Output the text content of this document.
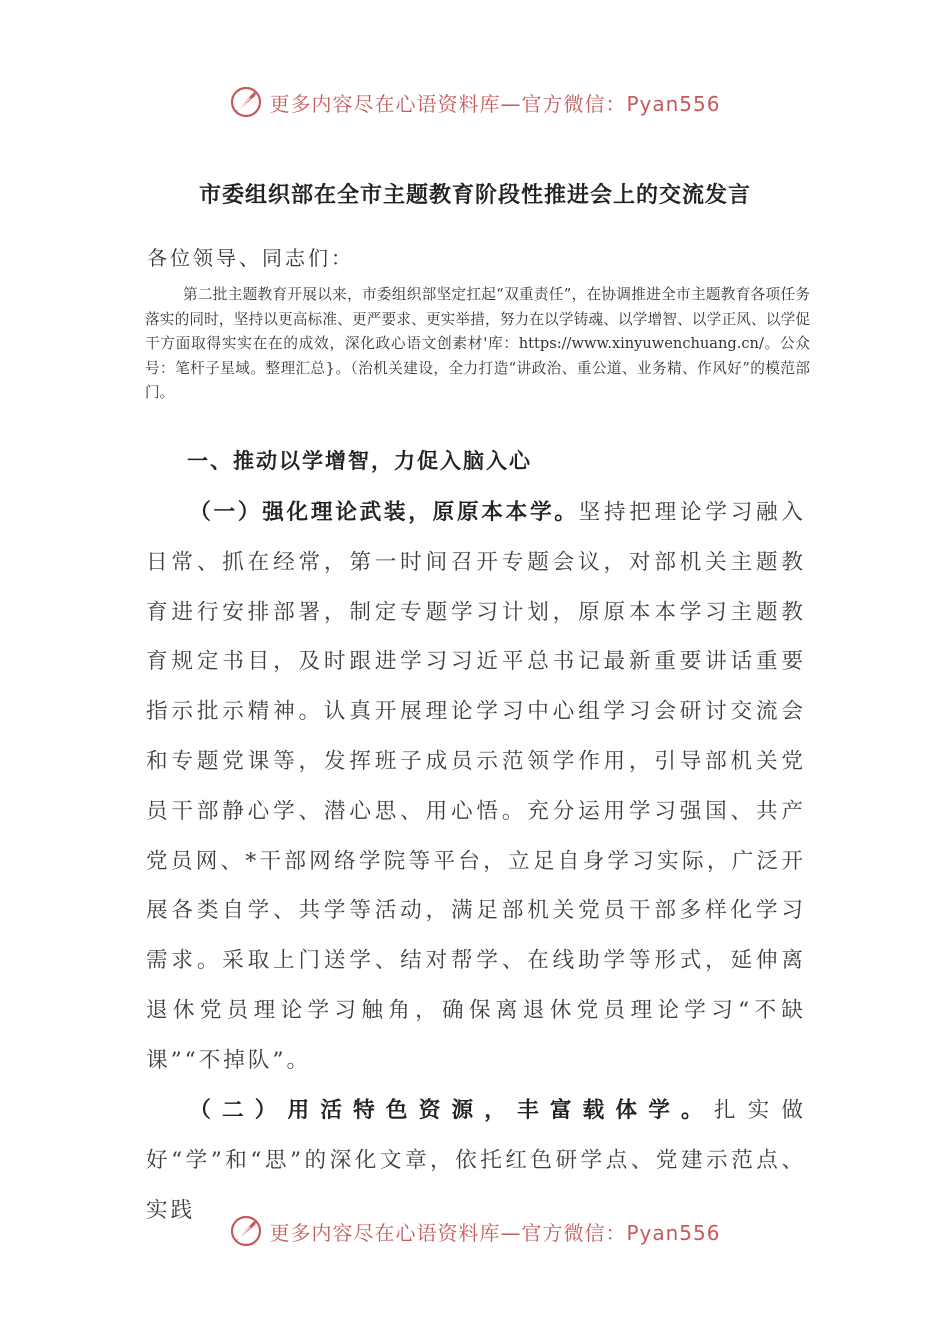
更多内容尽在心语资料库—官方微信：Pyan556
市委组织部在全市主题教育阶段性推进会上的交流发言

各位领导、同志们：

第二批主题教育开展以来，市委组织部坚定扛起“双重责任”，在协调推进全市主题教育各项任务落实的同时，坚持以更高标准、更严要求、更实举措，努力在以学铸魂、以学增智、以学正风、以学促干方面取得实实在在的成效，深化政心语文创素材'库：https://www.xinyuwenchuang.cn/。公众号：笔杆子星域。整理汇总}。（治机关建设，全力打造“讲政治、重公道、业务精、作风好”的模范部门。

一、推动以学增智，力促入脑入心

（一）强化理论武装，原原本本学。坚持把理论学习融入日常、抓在经常，第一时间召开专题会议，对部机关主题教育进行安排部署，制定专题学习计划，原原本本学习主题教育规定书目，及时跟进学习习近平总书记最新重要讲话重要指示批示精神。认真开展理论学习中心组学习会研讨交流会和专题党课等，发挥班子成员示范领学作用，引导部机关党员干部静心学、潜心思、用心悟。充分运用学习强国、共产党员网、*干部网络学院等平台，立足自身学习实际，广泛开展各类自学、共学等活动，满足部机关党员干部多样化学习需求。采取上门送学、结对帮学、在线助学等形式，延伸离退休党员理论学习触角，确保离退休党员理论学习“不缺课”“不掉队”。

（二）用活特色资源，丰富载体学。扎实做好“学”和“思”的深化文章，依托红色研学点、党建示范点、实践

更多内容尽在心语资料库—官方微信：Pyan556
